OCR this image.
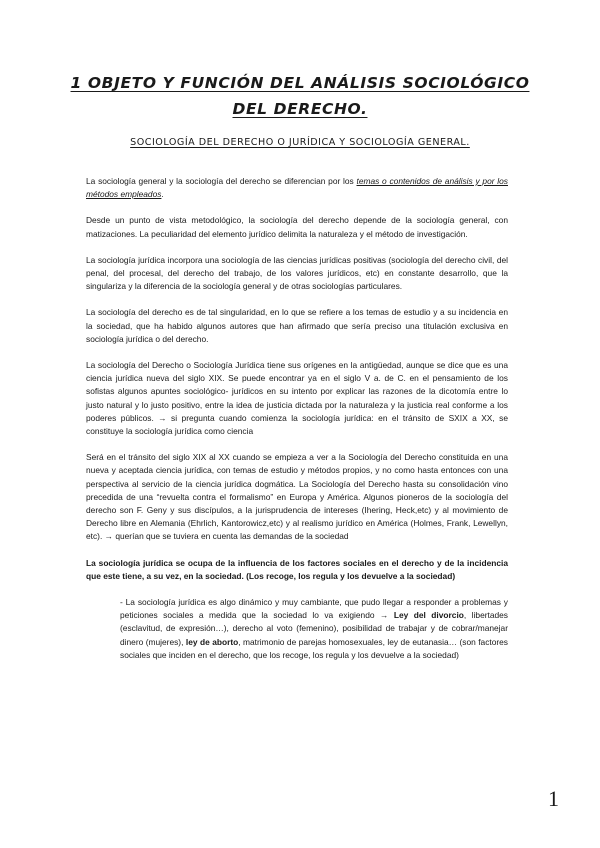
1 OBJETO Y FUNCIÓN DEL ANÁLISIS SOCIOLÓGICO
DEL DERECHO.
SOCIOLOGÍA DEL DERECHO O JURÍDICA Y SOCIOLOGÍA GENERAL.

La sociología general y la sociología del derecho se diferencian por los temas o contenidos de análisis y por los métodos empleados.

Desde un punto de vista metodológico, la sociología del derecho depende de la sociología general, con matizaciones. La peculiaridad del elemento jurídico delimita la naturaleza y el método de investigación.

La sociología jurídica incorpora una sociología de las ciencias jurídicas positivas (sociología del derecho civil, del penal, del procesal, del derecho del trabajo, de los valores jurídicos, etc) en constante desarrollo, que la singulariza y la diferencia de la sociología general y de otras sociologías particulares.

La sociología del derecho es de tal singularidad, en lo que se refiere a los temas de estudio y a su incidencia en la sociedad, que ha habido algunos autores que han afirmado que sería preciso una titulación exclusiva en sociología jurídica o del derecho.

La sociología del Derecho o Sociología Jurídica tiene sus orígenes en la antigüedad, aunque se dice que es una ciencia jurídica nueva del siglo XIX. Se puede encontrar ya en el siglo V a. de C. en el pensamiento de los sofistas algunos apuntes sociológico- jurídicos en su intento por explicar las razones de la dicotomía entre lo justo natural y lo justo positivo, entre la idea de justicia dictada por la naturaleza y la justicia real conforme a los poderes públicos. → si pregunta cuando comienza la sociología jurídica: en el tránsito de SXIX a XX, se constituye la sociología jurídica como ciencia

Será en el tránsito del siglo XIX al XX cuando se empieza a ver a la Sociología del Derecho constituida en una nueva y aceptada ciencia jurídica, con temas de estudio y métodos propios, y no como hasta entonces con una perspectiva al servicio de la ciencia jurídica dogmática. La Sociología del Derecho hasta su consolidación vino precedida de una “revuelta contra el formalismo” en Europa y América. Algunos pioneros de la sociología del derecho son F. Geny y sus discípulos, a la jurisprudencia de intereses (Ihering, Heck,etc) y al movimiento de Derecho libre en Alemania (Ehrlich, Kantorowicz,etc) y al realismo jurídico en América (Holmes, Frank, Lewellyn, etc). → querían que se tuviera en cuenta las demandas de la sociedad

La sociología jurídica se ocupa de la influencia de los factores sociales en el derecho y de la incidencia que este tiene, a su vez, en la sociedad. (Los recoge, los regula y los devuelve a la sociedad)

- La sociología jurídica es algo dinámico y muy cambiante, que pudo llegar a responder a problemas y peticiones sociales a medida que la sociedad lo va exigiendo → Ley del divorcio, libertades (esclavitud, de expresión…), derecho al voto (femenino), posibilidad de trabajar y de cobrar/manejar dinero (mujeres), ley de aborto, matrimonio de parejas homosexuales, ley de eutanasia… (son factores sociales que inciden en el derecho, que los recoge, los regula y los devuelve a la sociedad)

1
